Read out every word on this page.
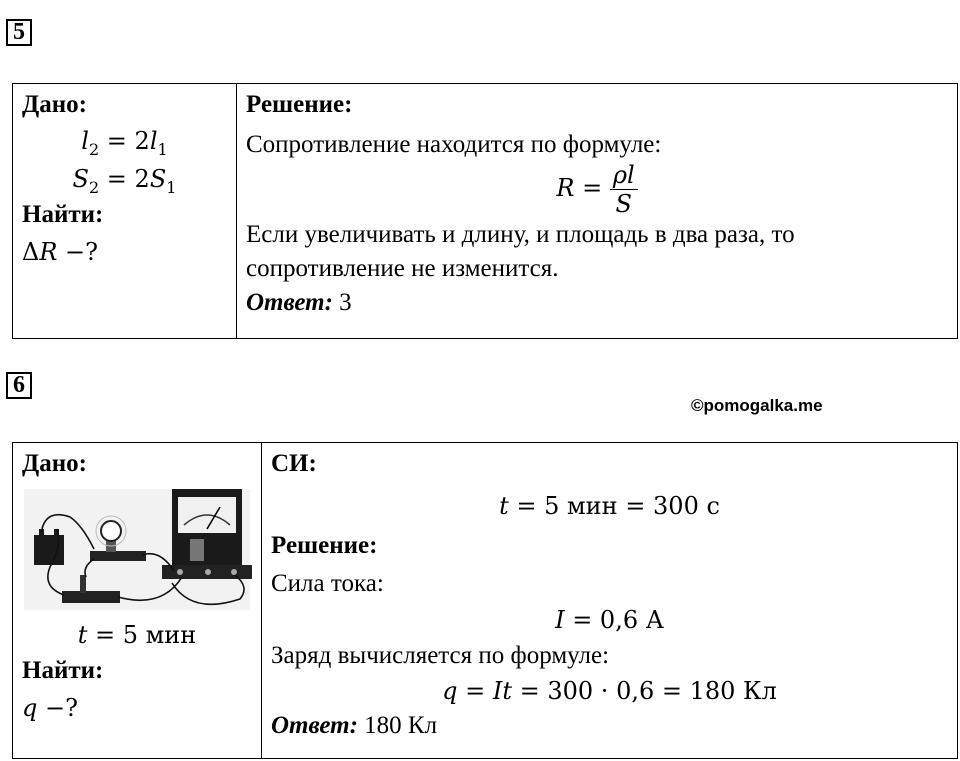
5
Дано:
$l_2 = 2l_1$
$S_2 = 2S_1$
Найти:
ΔR −?

Решение:
Сопротивление находится по формуле:
$R = \frac{\rho l}{S}$
Если увеличивать и длину, и площадь в два раза, то
сопротивление не изменится.
Ответ: 3
6
©pomogalka.me
Дано:
t = 5 мин
Найти:
q −?

СИ:
t = 5 мин = 300 с
Решение:
Сила тока:
I = 0,6 А
Заряд вычисляется по формуле:
q = It = 300 · 0,6 = 180 Кл
Ответ: 180 Кл
